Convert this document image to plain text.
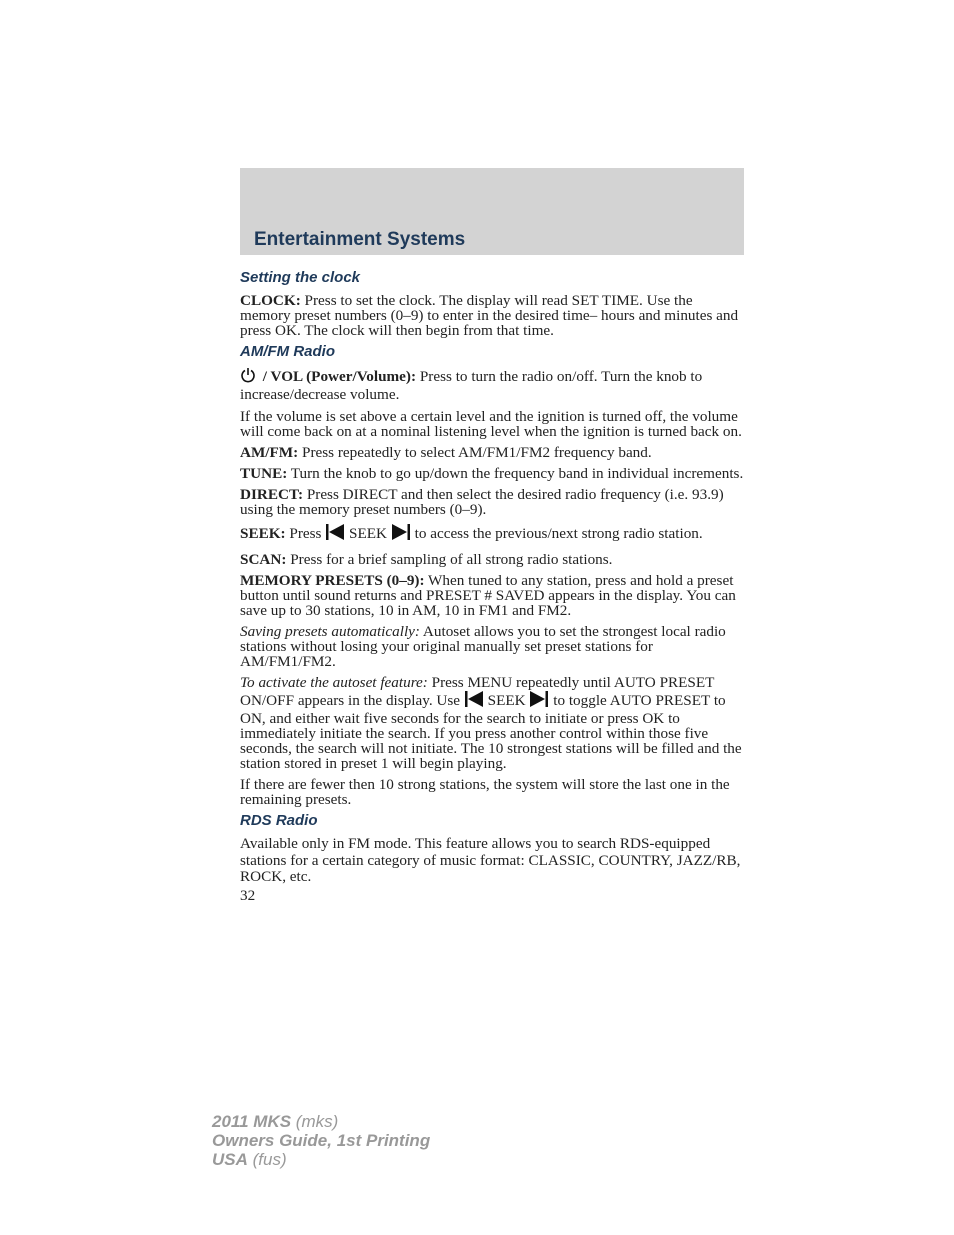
Entertainment Systems
Setting the clock

CLOCK: Press to set the clock. The display will read SET TIME. Use the memory preset numbers (0–9) to enter in the desired time– hours and minutes and press OK. The clock will then begin from that time.

AM/FM Radio

/ VOL (Power/Volume): Press to turn the radio on/off. Turn the knob to increase/decrease volume.

If the volume is set above a certain level and the ignition is turned off, the volume will come back on at a nominal listening level when the ignition is turned back on.

AM/FM: Press repeatedly to select AM/FM1/FM2 frequency band.

TUNE: Turn the knob to go up/down the frequency band in individual increments.

DIRECT: Press DIRECT and then select the desired radio frequency (i.e. 93.9) using the memory preset numbers (0–9).

SEEK: Press  SEEK  to access the previous/next strong radio station.

SCAN: Press for a brief sampling of all strong radio stations.

MEMORY PRESETS (0–9): When tuned to any station, press and hold a preset button until sound returns and PRESET # SAVED appears in the display. You can save up to 30 stations, 10 in AM, 10 in FM1 and FM2.

Saving presets automatically: Autoset allows you to set the strongest local radio stations without losing your original manually set preset stations for AM/FM1/FM2.

To activate the autoset feature: Press MENU repeatedly until AUTO PRESET ON/OFF appears in the display. Use  SEEK  to toggle AUTO PRESET to ON, and either wait five seconds for the search to initiate or press OK to immediately initiate the search. If you press another control within those five seconds, the search will not initiate. The 10 strongest stations will be filled and the station stored in preset 1 will begin playing.

If there are fewer then 10 strong stations, the system will store the last one in the remaining presets.

RDS Radio

Available only in FM mode. This feature allows you to search RDS-equipped stations for a certain category of music format: CLASSIC, COUNTRY, JAZZ/RB, ROCK, etc.

32

2011 MKS (mks)
Owners Guide, 1st Printing
USA (fus)
